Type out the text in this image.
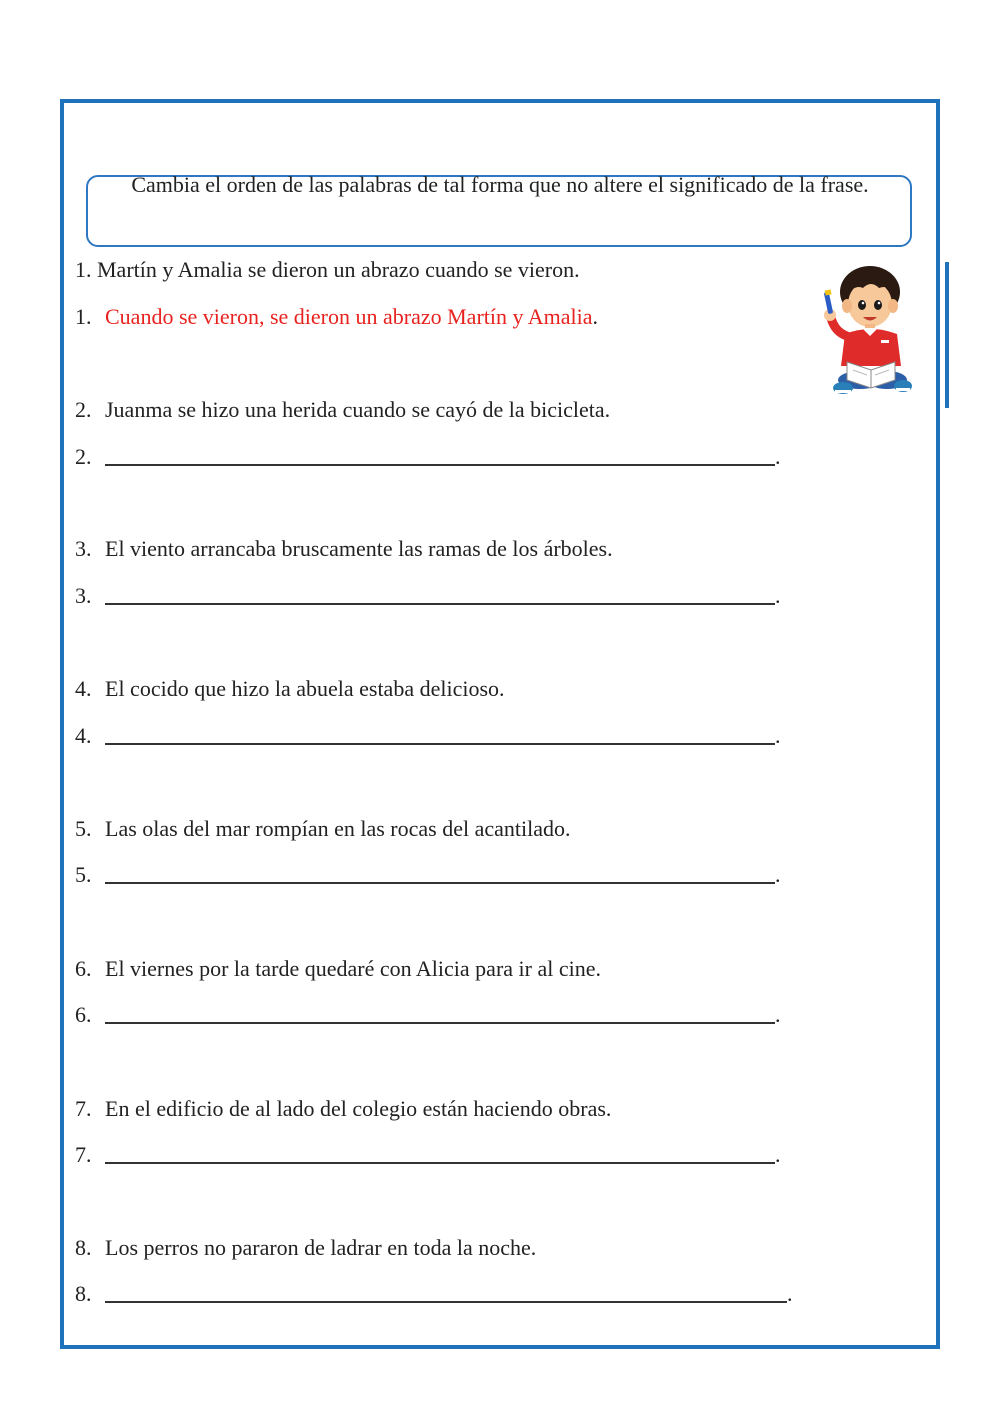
Cambia el orden de las palabras de tal forma que no altere el significado de la frase.
1. Martín y Amalia se dieron un abrazo cuando se vieron.
1. Cuando se vieron, se dieron un abrazo Martín y Amalia.
2. Juanma se hizo una herida cuando se cayó de la bicicleta.
2.	.
3. El viento arrancaba bruscamente las ramas de los árboles.
3.	.
4. El cocido que hizo la abuela estaba delicioso.
4.	.
5. Las olas del mar rompían en las rocas del acantilado.
5.	.
6. El viernes por la tarde quedaré con Alicia para ir al cine.
6.	.
7. En el edificio de al lado del colegio están haciendo obras.
7.	.
8. Los perros no pararon de ladrar en toda la noche.
8.	.
